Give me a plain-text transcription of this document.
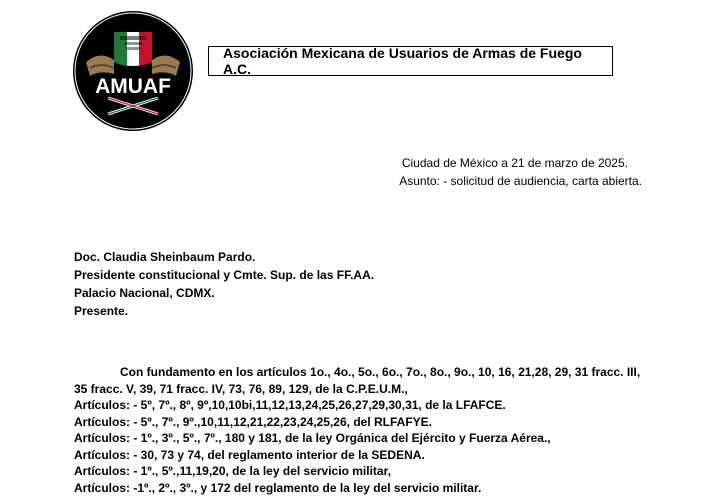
AMUAF
Asociación Mexicana de Usuarios de Armas de Fuego A.C.
Ciudad de México a 21 de marzo de 2025.
Asunto: - solicitud de audiencia, carta abierta.
Doc. Claudia Sheinbaum Pardo.
Presidente constitucional y Cmte. Sup. de las FF.AA.
Palacio Nacional, CDMX.
Presente.
Con fundamento en los artículos 1o., 4o., 5o., 6o., 7o., 8o., 9o., 10, 16, 21,28, 29, 31 fracc. III, 35 fracc. V, 39, 71 fracc. IV, 73, 76, 89, 129, de la C.P.E.U.M.,
Artículos: - 5º, 7º., 8º, 9º,10,10bi,11,12,13,24,25,26,27,29,30,31, de la LFAFCE.
Artículos: - 5º., 7º., 9º.,10,11,12,21,22,23,24,25,26, del RLFAFYE.
Artículos: - 1º., 3º., 5º., 7º., 180 y 181, de la ley Orgánica del Ejército y Fuerza Aérea.,
Artículos: - 30, 73 y 74, del reglamento interior de la SEDENA.
Artículos: - 1º., 5º.,11,19,20, de la ley del servicio militar,
Artículos: -1º., 2º., 3º., y 172 del reglamento de la ley del servicio militar.
